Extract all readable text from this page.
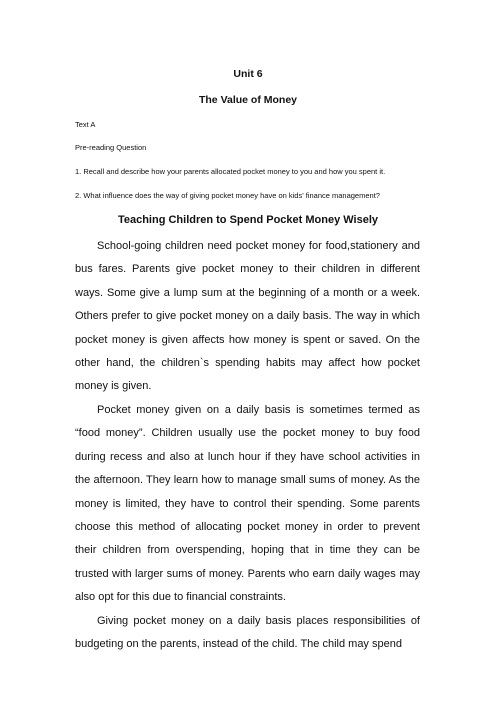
Unit 6
The Value of Money
Text A
Pre-reading Question
1. Recall and describe how your parents allocated pocket money to you and how you spent it.
2. What influence does the way of giving pocket money have on kids' finance management?
Teaching Children to Spend Pocket Money Wisely

School-going children need pocket money for food,stationery and bus fares. Parents give pocket money to their children in different ways. Some give a lump sum at the beginning of a month or a week. Others prefer to give pocket money on a daily basis. The way in which pocket money is given affects how money is spent or saved. On the other hand, the children`s spending habits may affect how pocket money is given.

Pocket money given on a daily basis is sometimes termed as “food money”. Children usually use the pocket money to buy food during recess and also at lunch hour if they have school activities in the afternoon. They learn how to manage small sums of money. As the money is limited, they have to control their spending. Some parents choose this method of allocating pocket money in order to prevent their children from overspending, hoping that in time they can be trusted with larger sums of money. Parents who earn daily wages may also opt for this due to financial constraints.

Giving pocket money on a daily basis places responsibilities of budgeting on the parents, instead of the child. The child may spend
